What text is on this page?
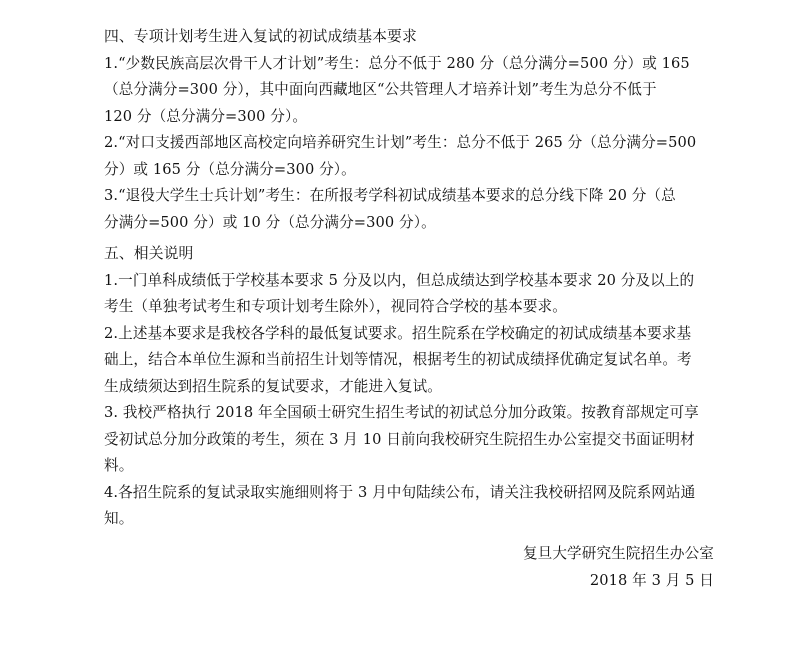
四、专项计划考生进入复试的初试成绩基本要求
1.“少数民族高层次骨干人才计划”考生：总分不低于 280 分（总分满分=500 分）或 165
（总分满分=300 分），其中面向西藏地区“公共管理人才培养计划”考生为总分不低于
120 分（总分满分=300 分）。
2.“对口支援西部地区高校定向培养研究生计划”考生：总分不低于 265 分（总分满分=500
分）或 165 分（总分满分=300 分）。
3.“退役大学生士兵计划”考生：在所报考学科初试成绩基本要求的总分线下降 20 分（总
分满分=500 分）或 10 分（总分满分=300 分）。
五、相关说明
1.一门单科成绩低于学校基本要求 5 分及以内，但总成绩达到学校基本要求 20 分及以上的
考生（单独考试考生和专项计划考生除外），视同符合学校的基本要求。
2.上述基本要求是我校各学科的最低复试要求。招生院系在学校确定的初试成绩基本要求基
础上，结合本单位生源和当前招生计划等情况，根据考生的初试成绩择优确定复试名单。考
生成绩须达到招生院系的复试要求，才能进入复试。
3. 我校严格执行 2018 年全国硕士研究生招生考试的初试总分加分政策。按教育部规定可享
受初试总分加分政策的考生，须在 3 月 10 日前向我校研究生院招生办公室提交书面证明材
料。
4.各招生院系的复试录取实施细则将于 3 月中旬陆续公布，请关注我校研招网及院系网站通
知。
复旦大学研究生院招生办公室
2018 年 3 月 5 日
